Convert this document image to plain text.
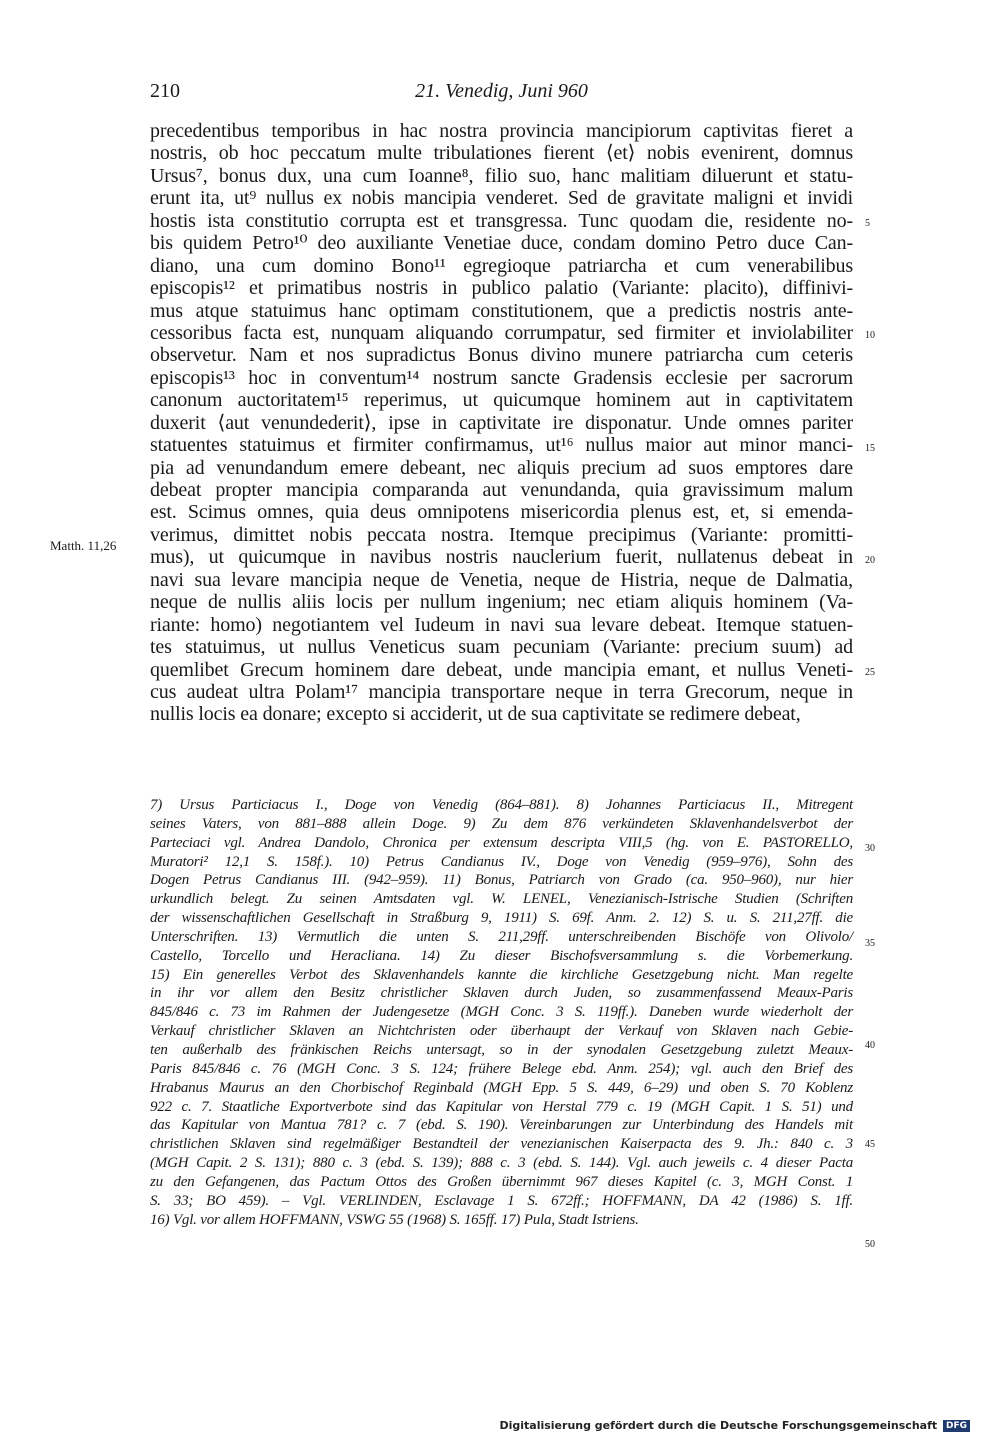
210	21. Venedig, Juni 960
Matth. 11,26
precedentibus temporibus in hac nostra provincia mancipiorum captivitas fieret a
nostris, ob hoc peccatum multe tribulationes fierent ⟨et⟩ nobis evenirent, domnus
Ursus⁷, bonus dux, una cum Ioanne⁸, filio suo, hanc malitiam diluerunt et statu-
erunt ita, ut⁹ nullus ex nobis mancipia venderet. Sed de gravitate maligni et invidi
hostis ista constitutio corrupta est et transgressa. Tunc quodam die, residente no-
bis quidem Petro¹⁰ deo auxiliante Venetiae duce, condam domino Petro duce Can-
diano, una cum domino Bono¹¹ egregioque patriarcha et cum venerabilibus
episcopis¹² et primatibus nostris in publico palatio (Variante: placito), diffinivi-
mus atque statuimus hanc optimam constitutionem, que a predictis nostris ante-
cessoribus facta est, nunquam aliquando corrumpatur, sed firmiter et inviolabiliter
observetur. Nam et nos supradictus Bonus divino munere patriarcha cum ceteris
episcopis¹³ hoc in conventum¹⁴ nostrum sancte Gradensis ecclesie per sacrorum
canonum auctoritatem¹⁵ reperimus, ut quicumque hominem aut in captivitatem
duxerit ⟨aut venundederit⟩, ipse in captivitate ire disponatur. Unde omnes pariter
statuentes statuimus et firmiter confirmamus, ut¹⁶ nullus maior aut minor manci-
pia ad venundandum emere debeant, nec aliquis precium ad suos emptores dare
debeat propter mancipia comparanda aut venundanda, quia gravissimum malum
est. Scimus omnes, quia deus omnipotens misericordia plenus est, et, si emenda-
verimus, dimittet nobis peccata nostra. Itemque precipimus (Variante: promitti-
mus), ut quicumque in navibus nostris nauclerium fuerit, nullatenus debeat in
navi sua levare mancipia neque de Venetia, neque de Histria, neque de Dalmatia,
neque de nullis aliis locis per nullum ingenium; nec etiam aliquis hominem (Va-
riante: homo) negotiantem vel Iudeum in navi sua levare debeat. Itemque statuen-
tes statuimus, ut nullus Veneticus suam pecuniam (Variante: precium suum) ad
quemlibet Grecum hominem dare debeat, unde mancipia emant, et nullus Veneti-
cus audeat ultra Polam¹⁷ mancipia transportare neque in terra Grecorum, neque in
nullis locis ea donare; excepto si acciderit, ut de sua captivitate se redimere debeat,
5
10
15
20
25
7) Ursus Particiacus I., Doge von Venedig (864–881). 8) Johannes Particiacus II., Mitregent
seines Vaters, von 881–888 allein Doge. 9) Zu dem 876 verkündeten Sklavenhandelsverbot der
Parteciaci vgl. Andrea Dandolo, Chronica per extensum descripta VIII,5 (hg. von E. PASTORELLO,
Muratori² 12,1 S. 158f.). 10) Petrus Candianus IV., Doge von Venedig (959–976), Sohn des
Dogen Petrus Candianus III. (942–959). 11) Bonus, Patriarch von Grado (ca. 950–960), nur hier
urkundlich belegt. Zu seinen Amtsdaten vgl. W. LENEL, Venezianisch-Istrische Studien (Schriften
der wissenschaftlichen Gesellschaft in Straßburg 9, 1911) S. 69f. Anm. 2. 12) S. u. S. 211,27ff. die
Unterschriften. 13) Vermutlich die unten S. 211,29ff. unterschreibenden Bischöfe von Olivolo/
Castello, Torcello und Heracliana. 14) Zu dieser Bischofsversammlung s. die Vorbemerkung.
15) Ein generelles Verbot des Sklavenhandels kannte die kirchliche Gesetzgebung nicht. Man regelte
in ihr vor allem den Besitz christlicher Sklaven durch Juden, so zusammenfassend Meaux-Paris
845/846 c. 73 im Rahmen der Judengesetze (MGH Conc. 3 S. 119ff.). Daneben wurde wiederholt der
Verkauf christlicher Sklaven an Nichtchristen oder überhaupt der Verkauf von Sklaven nach Gebie-
ten außerhalb des fränkischen Reichs untersagt, so in der synodalen Gesetzgebung zuletzt Meaux-
Paris 845/846 c. 76 (MGH Conc. 3 S. 124; frühere Belege ebd. Anm. 254); vgl. auch den Brief des
Hrabanus Maurus an den Chorbischof Reginbald (MGH Epp. 5 S. 449, 6–29) und oben S. 70 Koblenz
922 c. 7. Staatliche Exportverbote sind das Kapitular von Herstal 779 c. 19 (MGH Capit. 1 S. 51) und
das Kapitular von Mantua 781? c. 7 (ebd. S. 190). Vereinbarungen zur Unterbindung des Handels mit
christlichen Sklaven sind regelmäßiger Bestandteil der venezianischen Kaiserpacta des 9. Jh.: 840 c. 3
(MGH Capit. 2 S. 131); 880 c. 3 (ebd. S. 139); 888 c. 3 (ebd. S. 144). Vgl. auch jeweils c. 4 dieser Pacta
zu den Gefangenen, das Pactum Ottos des Großen übernimmt 967 dieses Kapitel (c. 3, MGH Const. 1
S. 33; BO 459). – Vgl. VERLINDEN, Esclavage 1 S. 672ff.; HOFFMANN, DA 42 (1986) S. 1ff.
16) Vgl. vor allem HOFFMANN, VSWG 55 (1968) S. 165ff. 17) Pula, Stadt Istriens.
30
35
40
45
50
Digitalisierung gefördert durch die Deutsche Forschungsgemeinschaft DFG
